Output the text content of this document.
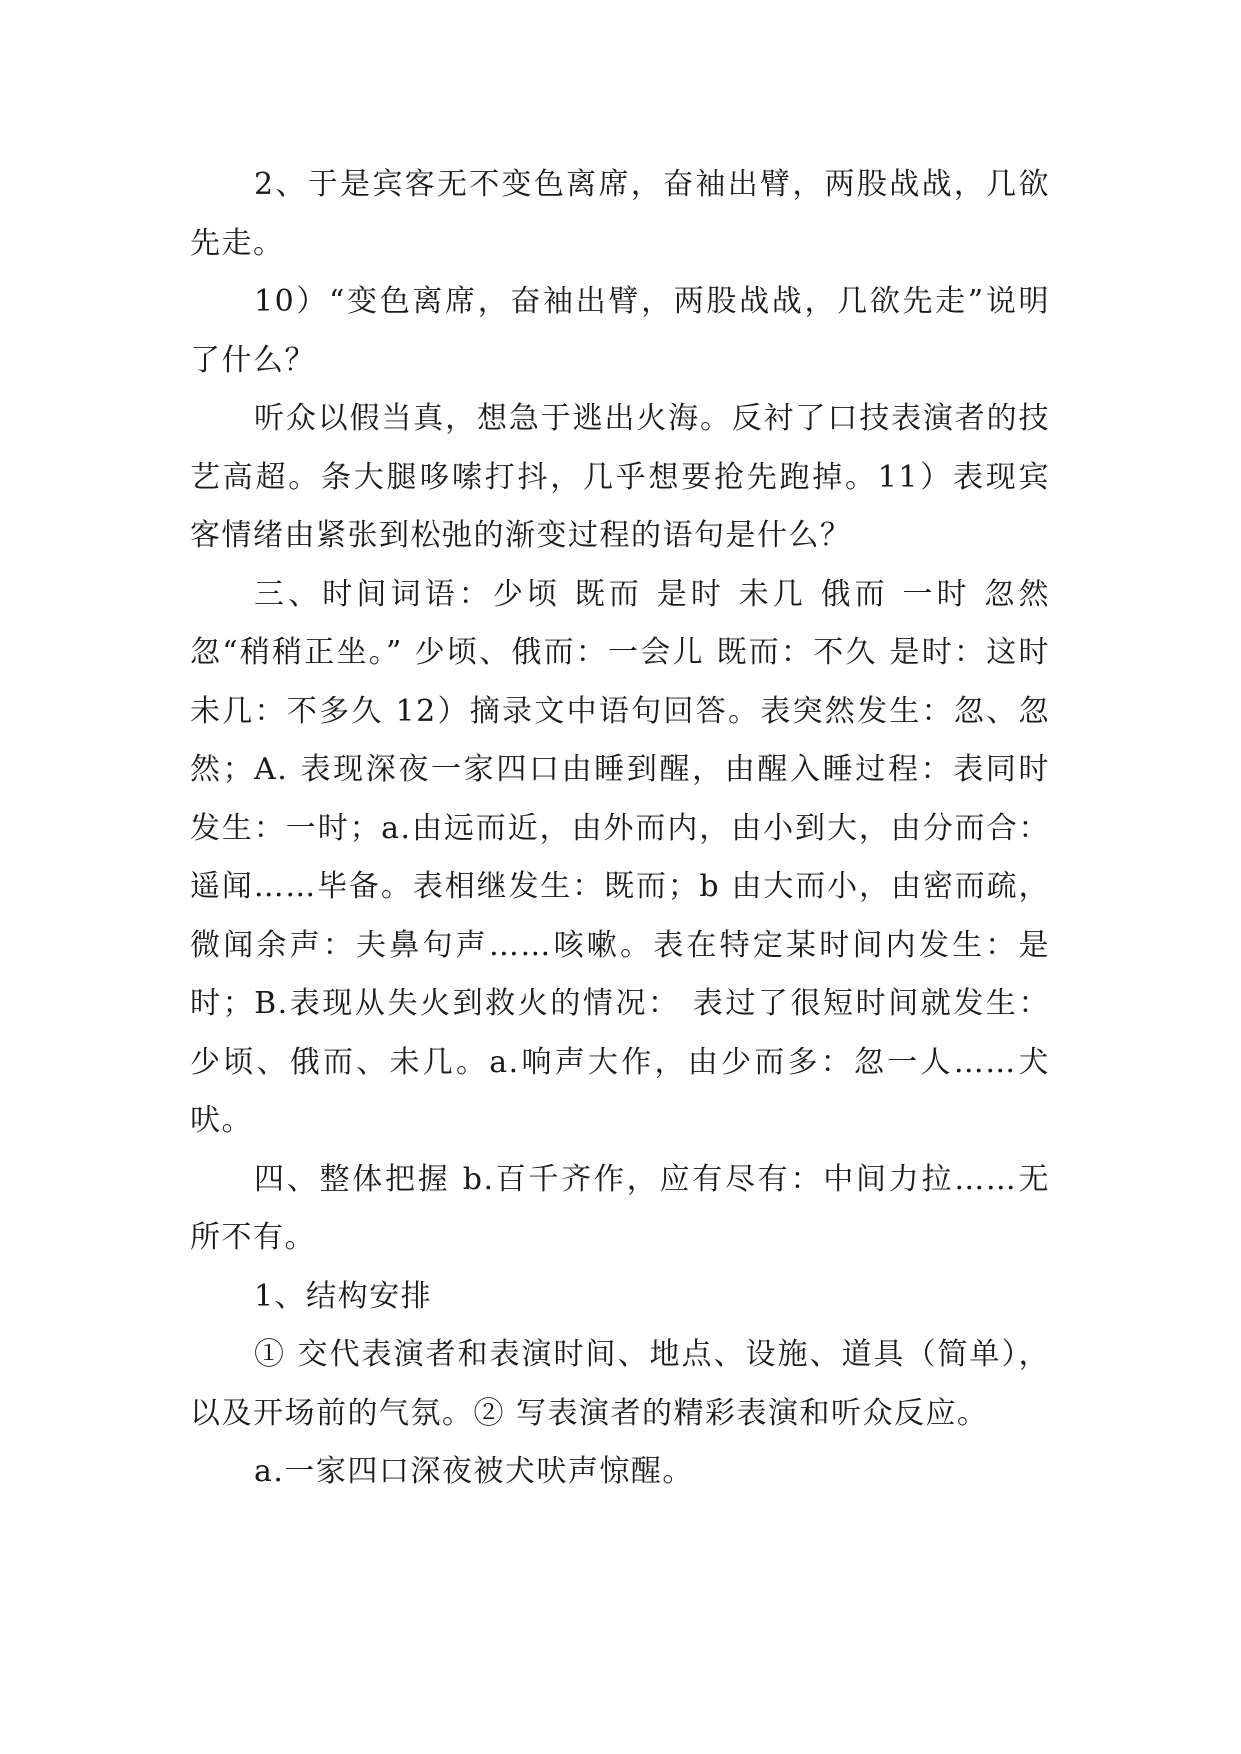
2、于是宾客无不变色离席，奋袖出臂，两股战战，几欲先走。

10）“变色离席，奋袖出臂，两股战战，几欲先走”说明了什么？

听众以假当真，想急于逃出火海。反衬了口技表演者的技艺高超。条大腿哆嗦打抖，几乎想要抢先跑掉。11）表现宾客情绪由紧张到松弛的渐变过程的语句是什么？

三、时间词语：少顷 既而 是时 未几 俄而 一时 忽然 忽“稍稍正坐。” 少顷、俄而：一会儿 既而：不久 是时：这时 未几：不多久 12）摘录文中语句回答。表突然发生：忽、忽然；A. 表现深夜一家四口由睡到醒，由醒入睡过程：表同时发生：一时；a.由远而近，由外而内，由小到大，由分而合：遥闻……毕备。表相继发生：既而；b 由大而小，由密而疏，微闻余声：夫鼻句声……咳嗽。表在特定某时间内发生：是时；B.表现从失火到救火的情况： 表过了很短时间就发生：少顷、俄而、未几。a.响声大作，由少而多：忽一人……犬吠。

四、整体把握 b.百千齐作，应有尽有：中间力拉……无所不有。

1、结构安排

① 交代表演者和表演时间、地点、设施、道具（简单），以及开场前的气氛。② 写表演者的精彩表演和听众反应。

a.一家四口深夜被犬吠声惊醒。
